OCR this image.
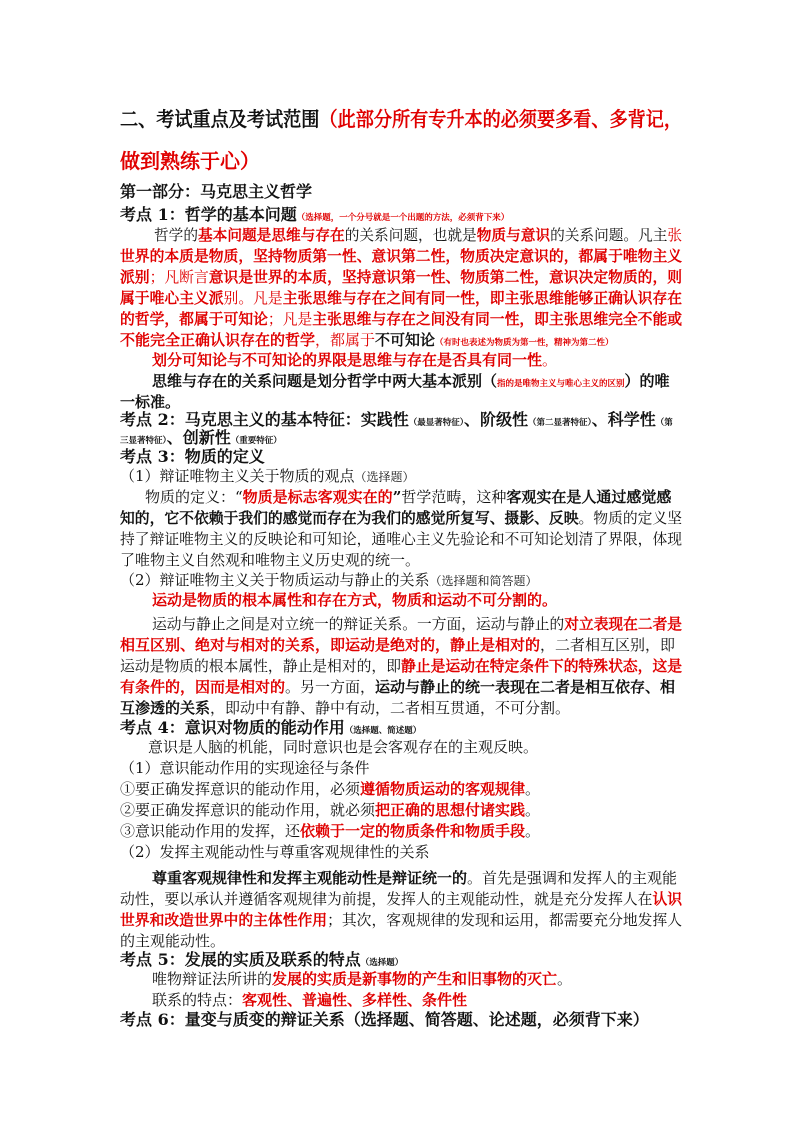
二、考试重点及考试范围（此部分所有专升本的必须要多看、多背记，
做到熟练于心）
第一部分：马克思主义哲学
考点 1：哲学的基本问题（选择题，一个分号就是一个出题的方法，必须背下来）
哲学的基本问题是思维与存在的关系问题，也就是物质与意识的关系问题。凡主张
世界的本质是物质，坚持物质第一性、意识第二性，物质决定意识的，都属于唯物主义
派别；凡断言意识是世界的本质，坚持意识第一性、物质第二性，意识决定物质的，则
属于唯心主义派别。凡是主张思维与存在之间有同一性，即主张思维能够正确认识存在
的哲学，都属于可知论；凡是主张思维与存在之间没有同一性，即主张思维完全不能或
不能完全正确认识存在的哲学，都属于不可知论（有时也表述为物质为第一性，精神为第二性）
划分可知论与不可知论的界限是思维与存在是否具有同一性。
思维与存在的关系问题是划分哲学中两大基本派别（指的是唯物主义与唯心主义的区别）的唯
一标准。
考点 2：马克思主义的基本特征：实践性（最显著特征）、阶级性（第二显著特征）、科学性（第
三显著特征）、创新性（重要特征）
考点 3：物质的定义
（1）辩证唯物主义关于物质的观点（选择题）
物质的定义：“物质是标志客观实在的”哲学范畴，这种客观实在是人通过感觉感
知的，它不依赖于我们的感觉而存在为我们的感觉所复写、摄影、反映。物质的定义坚
持了辩证唯物主义的反映论和可知论，通唯心主义先验论和不可知论划清了界限，体现
了唯物主义自然观和唯物主义历史观的统一。
（2）辩证唯物主义关于物质运动与静止的关系（选择题和简答题）
运动是物质的根本属性和存在方式，物质和运动不可分割的。
运动与静止之间是对立统一的辩证关系。一方面，运动与静止的对立表现在二者是
相互区别、绝对与相对的关系，即运动是绝对的，静止是相对的，二者相互区别，即
运动是物质的根本属性，静止是相对的，即静止是运动在特定条件下的特殊状态，这是
有条件的，因而是相对的。另一方面，运动与静止的统一表现在二者是相互依存、相
互渗透的关系，即动中有静、静中有动，二者相互贯通，不可分割。
考点 4：意识对物质的能动作用（选择题、简述题）
意识是人脑的机能，同时意识也是会客观存在的主观反映。
（1）意识能动作用的实现途径与条件
①要正确发挥意识的能动作用，必须遵循物质运动的客观规律。
②要正确发挥意识的能动作用，就必须把正确的思想付诸实践。
③意识能动作用的发挥，还依赖于一定的物质条件和物质手段。
（2）发挥主观能动性与尊重客观规律性的关系
尊重客观规律性和发挥主观能动性是辩证统一的。首先是强调和发挥人的主观能
动性，要以承认并遵循客观规律为前提，发挥人的主观能动性，就是充分发挥人在认识
世界和改造世界中的主体性作用；其次，客观规律的发现和运用，都需要充分地发挥人
的主观能动性。
考点 5：发展的实质及联系的特点（选择题）
唯物辩证法所讲的发展的实质是新事物的产生和旧事物的灭亡。
联系的特点：客观性、普遍性、多样性、条件性
考点 6：量变与质变的辩证关系（选择题、简答题、论述题，必须背下来）
